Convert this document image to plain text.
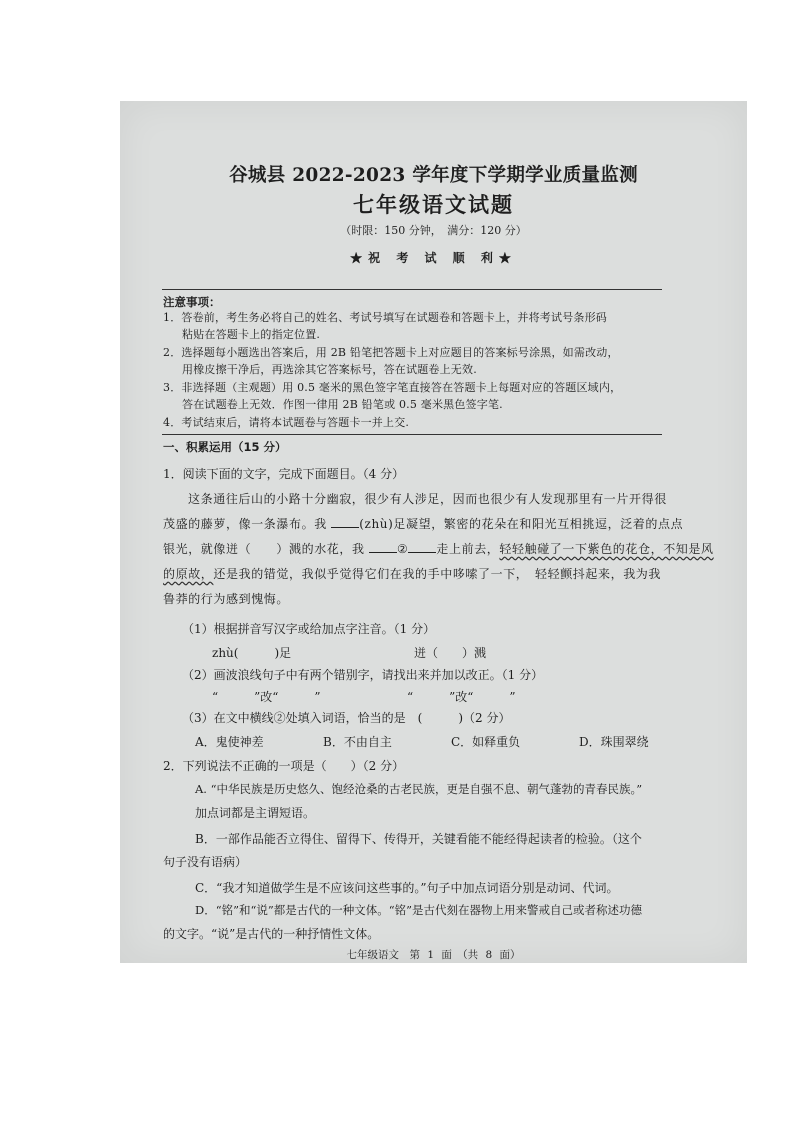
谷城县 2022-2023 学年度下学期学业质量监测
七年级语文试题
（时限：150 分钟，　满分：120 分）
★祝 考 试 顺 利★
注意事项：
1．答卷前，考生务必将自己的姓名、考试号填写在试题卷和答题卡上，并将考试号条形码
粘贴在答题卡上的指定位置.
2．选择题每小题选出答案后，用 2B 铅笔把答题卡上对应题目的答案标号涂黑，如需改动，
用橡皮擦干净后，再选涂其它答案标号，答在试题卷上无效.
3．非选择题（主观题）用 0.5 毫米的黑色签字笔直接答在答题卡上每题对应的答题区域内，
答在试题卷上无效．作图一律用 2B 铅笔或 0.5 毫米黑色签字笔.
4．考试结束后，请将本试题卷与答题卡一并上交.
一、积累运用（15 分）
1．阅读下面的文字，完成下面题目。（4 分）
这条通往后山的小路十分幽寂，很少有人涉足，因而也很少有人发现那里有一片开得很
茂盛的藤萝，像一条瀑布。我	(zhù)足凝望，繁密的花朵在和阳光互相挑逗，泛着的点点
银光，就像迸（　　）溅的水花，我	② 走上前去，轻轻触碰了一下紫色的花仓，不知是风
的原故，还是我的错觉，我似乎觉得它们在我的手中哆嗦了一下，　轻轻颤抖起来，我为我
鲁莽的行为感到愧悔。
（1）根据拼音写汉字或给加点字注音。（1 分）
zhù(　　　)足	迸（　　）溅
（2）画波浪线句子中有两个错别字，请找出来并加以改正。（1 分）
“　　　”改“　　　”	“　　　”改“　　　”
（3）在文中横线②处填入词语，恰当的是　(　　　)（2 分）
A．鬼使神差	B．不由自主	C．如释重负	D．珠围翠绕
2．下列说法不正确的一项是（　　）（2 分）
A. “中华民族是历史悠久、饱经沧桑的古老民族，更是自强不息、朝气蓬勃的青春民族。”
加点词都是主谓短语。
B．一部作品能否立得住、留得下、传得开，关键看能不能经得起读者的检验。（这个
句子没有语病）
C．“我才知道做学生是不应该问这些事的。”句子中加点词语分别是动词、代词。
D．“铭”和“说”都是古代的一种文体。“铭”是古代刻在器物上用来警戒自己或者称述功德
的文字。“说”是古代的一种抒情性文体。
七年级语文　第 1 面　（共 8 面）
